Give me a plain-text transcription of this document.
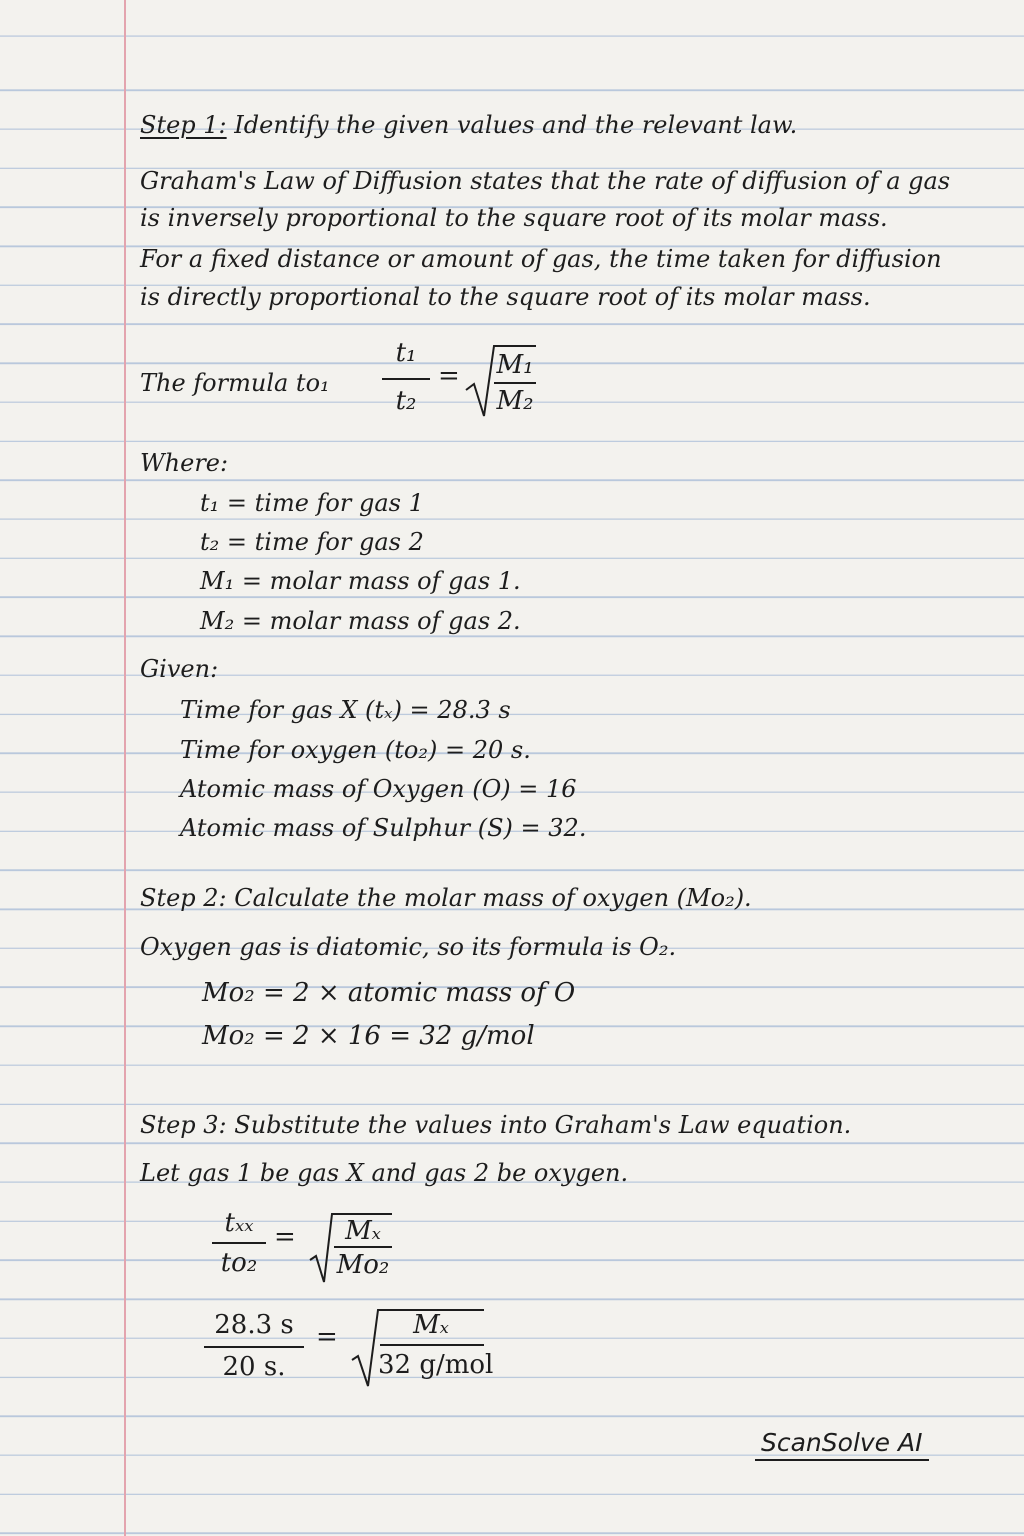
Step 1: Identify the given values and the relevant law.
Graham's Law of Diffusion states that the rate of diffusion of a gas
is inversely proportional to the square root of its molar mass.
For a fixed distance or amount of gas, the time taken for diffusion
is directly proportional to the square root of its molar mass.
The formula to₁
t₁
t₂
= M₁
M₂
Where:
t₁ = time for gas 1
t₂ = time for gas 2
M₁ = molar mass of gas 1.
M₂ = molar mass of gas 2.
Given:
Time for gas X (tₓ) = 28.3 s
Time for oxygen (to₂) = 20 s.
Atomic mass of Oxygen (O) = 16
Atomic mass of Sulphur (S) = 32.
Step 2: Calculate the molar mass of oxygen (Mo₂).
Oxygen gas is diatomic, so its formula is O₂.
Mo₂ = 2 × atomic mass of O
Mo₂ = 2 × 16 = 32 g/mol
Step 3: Substitute the values into Graham's Law equation.
Let gas 1 be gas X and gas 2 be oxygen.
tₓₓ
to₂
=	Mₓ
Mo₂
28.3 s
20 s.
=	Mₓ
32 g/mol
ScanSolve AI
